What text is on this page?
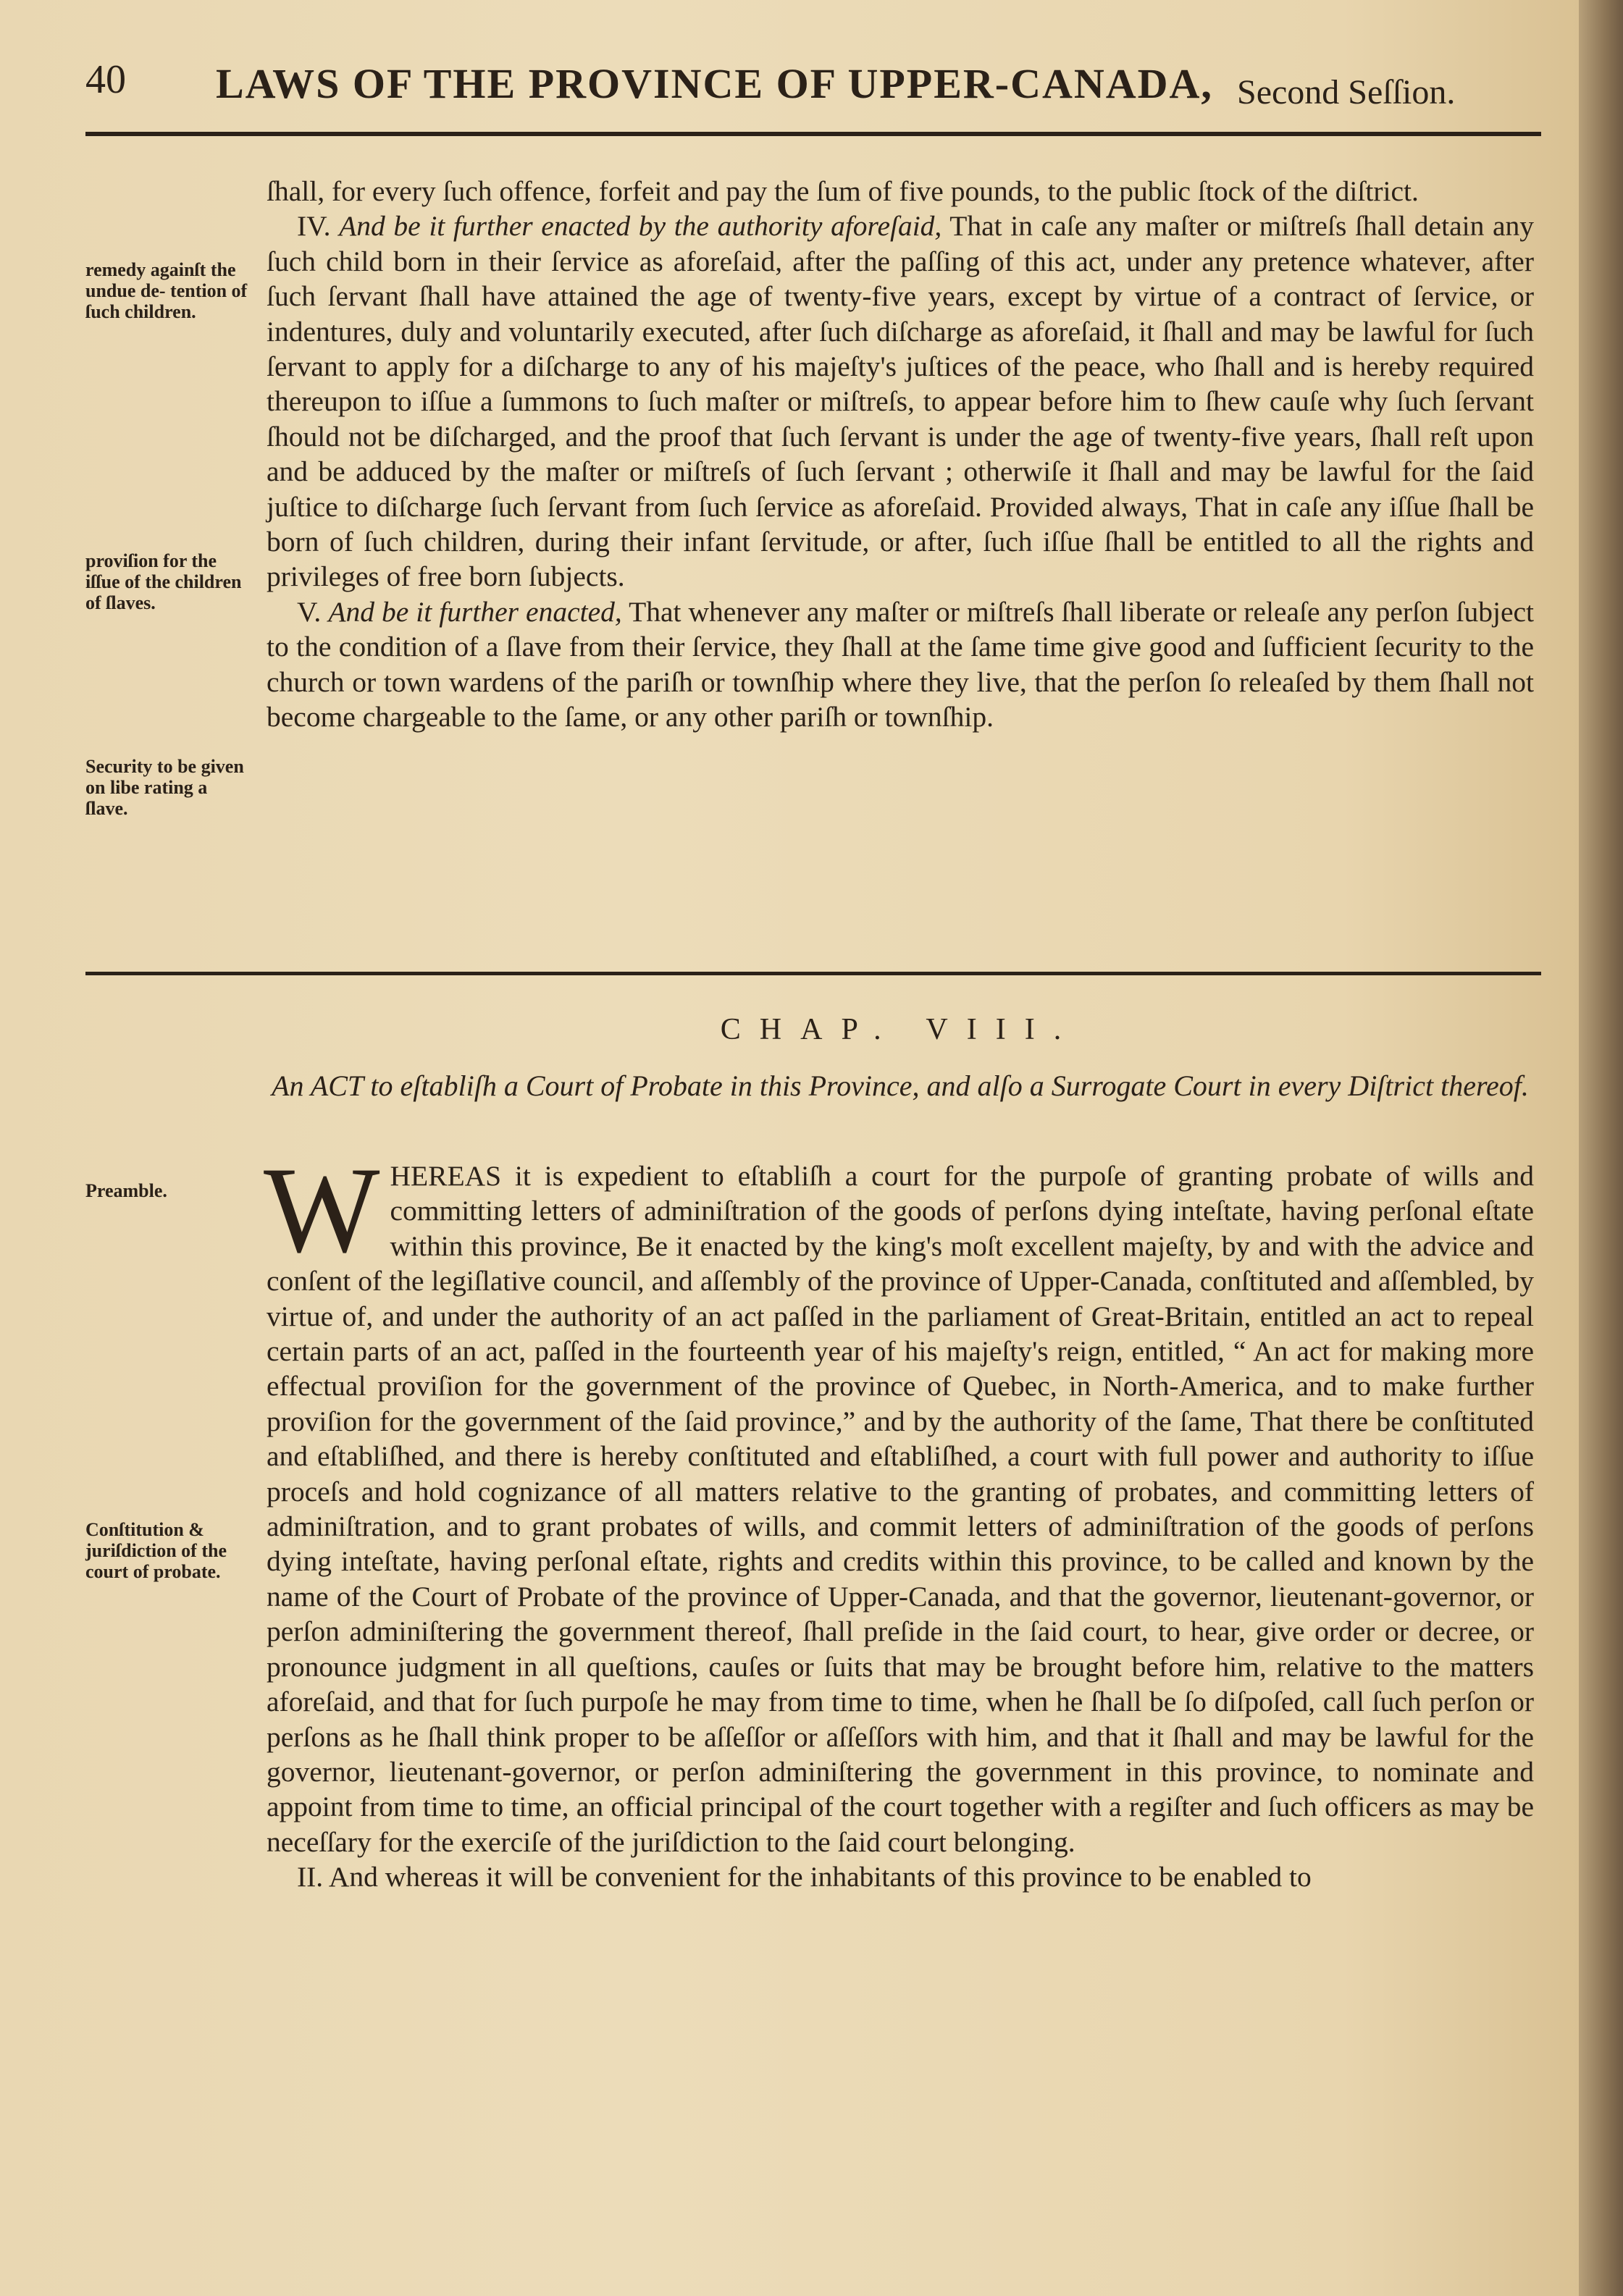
40 LAWS OF THE PROVINCE OF UPPER-CANADA, Second Seſſion.
remedy againſt the undue de- tention of ſuch children.
proviſion for the iſſue of the children of ſlaves.
Security to be given on libe rating a ſlave.

ſhall, for every ſuch offence, forfeit and pay the ſum of five pounds, to the public ſtock of the diſtrict.

IV. And be it further enacted by the authority aforeſaid, That in caſe any maſter or miſtreſs ſhall detain any ſuch child born in their ſervice as aforeſaid, after the paſſing of this act, under any pretence whatever, after ſuch ſervant ſhall have attained the age of twenty-five years, except by virtue of a contract of ſervice, or indentures, duly and voluntarily executed, after ſuch diſcharge as aforeſaid, it ſhall and may be lawful for ſuch ſervant to apply for a diſcharge to any of his majeſty's juſtices of the peace, who ſhall and is hereby required thereupon to iſſue a ſummons to ſuch maſter or miſtreſs, to appear before him to ſhew cauſe why ſuch ſervant ſhould not be diſcharged, and the proof that ſuch ſervant is under the age of twenty-five years, ſhall reſt upon and be adduced by the maſter or miſtreſs of ſuch ſervant ; otherwiſe it ſhall and may be lawful for the ſaid juſtice to diſcharge ſuch ſervant from ſuch ſervice as aforeſaid. Provided always, That in caſe any iſſue ſhall be born of ſuch children, during their infant ſervitude, or after, ſuch iſſue ſhall be entitled to all the rights and privileges of free born ſubjects.

V. And be it further enacted, That whenever any maſter or miſtreſs ſhall liberate or releaſe any perſon ſubject to the condition of a ſlave from their ſervice, they ſhall at the ſame time give good and ſufficient ſecurity to the church or town wardens of the pariſh or townſhip where they live, that the perſon ſo releaſed by them ſhall not become chargeable to the ſame, or any other pariſh or townſhip.

CHAP. VIII.
An ACT to eſtabliſh a Court of Probate in this Province, and alſo a Surrogate Court in every Diſtrict thereof.
Preamble.
Conſtitution & juriſdiction of the court of probate.

WHEREAS it is expedient to eſtabliſh a court for the purpoſe of granting probate of wills and committing letters of adminiſtration of the goods of perſons dying inteſtate, having perſonal eſtate within this province, Be it enacted by the king's moſt excellent majeſty, by and with the advice and conſent of the legiſlative council, and aſſembly of the province of Upper-Canada, conſtituted and aſſembled, by virtue of, and under the authority of an act paſſed in the parliament of Great-Britain, entitled an act to repeal certain parts of an act, paſſed in the fourteenth year of his majeſty's reign, entitled, “ An act for making more effectual proviſion for the government of the province of Quebec, in North-America, and to make further proviſion for the government of the ſaid province,” and by the authority of the ſame, That there be conſtituted and eſtabliſhed, and there is hereby conſtituted and eſtabliſhed, a court with full power and authority to iſſue proceſs and hold cognizance of all matters relative to the granting of probates, and committing letters of adminiſtration, and to grant probates of wills, and commit letters of adminiſtration of the goods of perſons dying inteſtate, having perſonal eſtate, rights and credits within this province, to be called and known by the name of the Court of Probate of the province of Upper-Canada, and that the governor, lieutenant-governor, or perſon adminiſtering the government thereof, ſhall preſide in the ſaid court, to hear, give order or decree, or pronounce judgment in all queſtions, cauſes or ſuits that may be brought before him, relative to the matters aforeſaid, and that for ſuch purpoſe he may from time to time, when he ſhall be ſo diſpoſed, call ſuch perſon or perſons as he ſhall think proper to be aſſeſſor or aſſeſſors with him, and that it ſhall and may be lawful for the governor, lieutenant-governor, or perſon adminiſtering the government in this province, to nominate and appoint from time to time, an official principal of the court together with a regiſter and ſuch officers as may be neceſſary for the exerciſe of the juriſdiction to the ſaid court belonging.

II. And whereas it will be convenient for the inhabitants of this province to be enabled to
